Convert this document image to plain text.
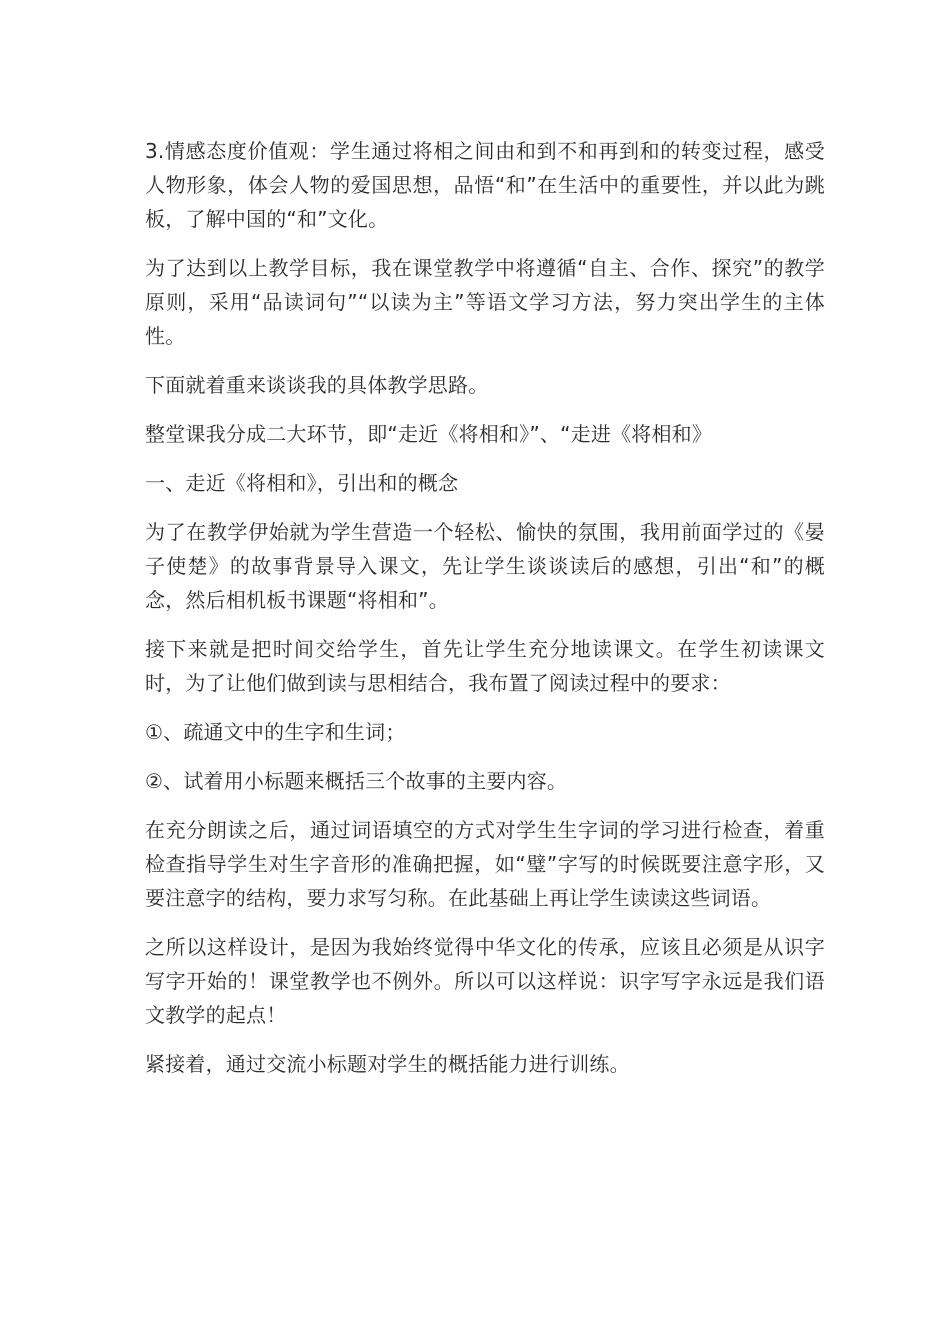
3.情感态度价值观：学生通过将相之间由和到不和再到和的转变过程，感受人物形象，体会人物的爱国思想，品悟“和”在生活中的重要性，并以此为跳板，了解中国的“和”文化。

为了达到以上教学目标，我在课堂教学中将遵循“自主、合作、探究”的教学原则，采用“品读词句”“以读为主”等语文学习方法，努力突出学生的主体性。

下面就着重来谈谈我的具体教学思路。

整堂课我分成二大环节，即“走近《将相和》”、“走进《将相和》

一、走近《将相和》，引出和的概念

为了在教学伊始就为学生营造一个轻松、愉快的氛围，我用前面学过的《晏子使楚》的故事背景导入课文，先让学生谈谈读后的感想，引出“和”的概念，然后相机板书课题“将相和”。

接下来就是把时间交给学生，首先让学生充分地读课文。在学生初读课文时，为了让他们做到读与思相结合，我布置了阅读过程中的要求：

①、疏通文中的生字和生词；

②、试着用小标题来概括三个故事的主要内容。

在充分朗读之后，通过词语填空的方式对学生生字词的学习进行检查，着重检查指导学生对生字音形的准确把握，如“璧”字写的时候既要注意字形，又要注意字的结构，要力求写匀称。在此基础上再让学生读读这些词语。

之所以这样设计，是因为我始终觉得中华文化的传承，应该且必须是从识字写字开始的！课堂教学也不例外。所以可以这样说：识字写字永远是我们语文教学的起点！

紧接着，通过交流小标题对学生的概括能力进行训练。
